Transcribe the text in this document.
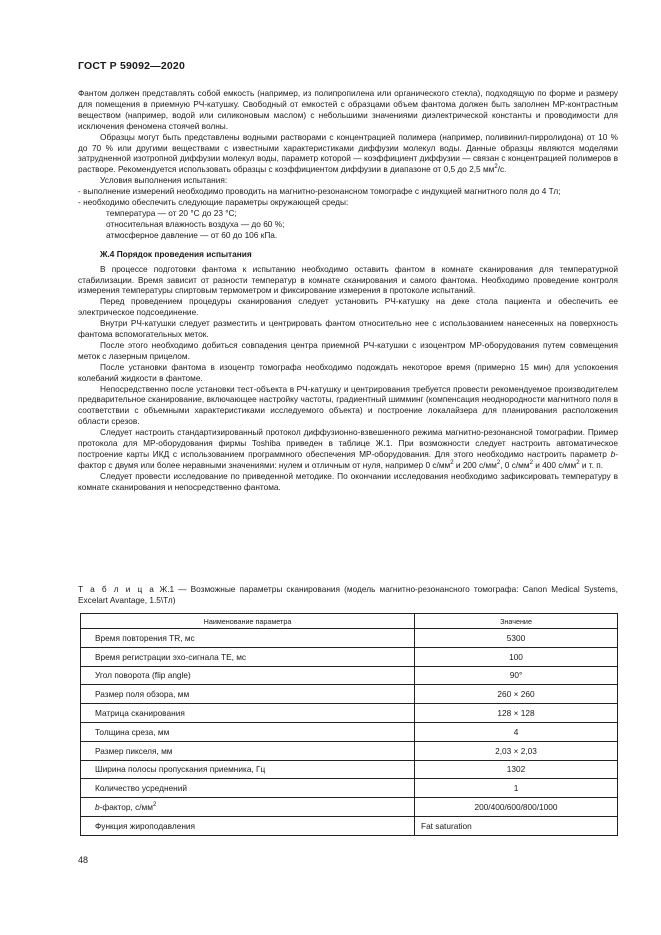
ГОСТ Р 59092—2020

Фантом должен представлять собой емкость (например, из полипропилена или органического стекла), подходящую по форме и размеру для помещения в приемную РЧ-катушку. Свободный от емкостей с образцами объем фантома должен быть заполнен МР-контрастным веществом (например, водой или силиконовым маслом) с небольшими значениями диэлектрической константы и проводимости для исключения феномена стоячей волны.

Образцы могут быть представлены водными растворами с концентрацией полимера (например, поливинил-пирролидона) от 10 % до 70 % или другими веществами с известными характеристиками диффузии молекул воды. Данные образцы являются моделями затрудненной изотропной диффузии молекул воды, параметр которой — коэффициент диффузии — связан с концентрацией полимеров в растворе. Рекомендуется использовать образцы с коэффициентом диффузии в диапазоне от 0,5 до 2,5 $мм^2/с$.

Условия выполнения испытания:

- выполнение измерений необходимо проводить на магнитно-резонансном томографе с индукцией магнитного поля до 4 Тл;

- необходимо обеспечить следующие параметры окружающей среды:

температура — от 20 °С до 23 °С;

относительная влажность воздуха — до 60 %;

атмосферное давление — от 60 до 106 кПа.

Ж.4 Порядок проведения испытания

В процессе подготовки фантома к испытанию необходимо оставить фантом в комнате сканирования для температурной стабилизации. Время зависит от разности температур в комнате сканирования и самого фантома. Необходимо проведение контроля измерения температуры спиртовым термометром и фиксирование измерения в протоколе испытаний.

Перед проведением процедуры сканирования следует установить РЧ-катушку на деке стола пациента и обеспечить ее электрическое подсоединение.

Внутри РЧ-катушки следует разместить и центрировать фантом относительно нее с использованием нанесенных на поверхность фантома вспомогательных меток.

После этого необходимо добиться совпадения центра приемной РЧ-катушки с изоцентром МР-оборудования путем совмещения меток с лазерным прицелом.

После установки фантома в изоцентр томографа необходимо подождать некоторое время (примерно 15 мин) для успокоения колебаний жидкости в фантоме.

Непосредственно после установки тест-объекта в РЧ-катушку и центрирования требуется провести рекомендуемое производителем предварительное сканирование, включающее настройку частоты, градиентный шимминг (компенсация неоднородности магнитного поля в соответствии с объемными характеристиками исследуемого объекта) и построение локалайзера для планирования расположения области срезов.

Следует настроить стандартизированный протокол диффузионно-взвешенного режима магнитно-резонансной томографии. Пример протокола для МР-оборудования фирмы Toshiba приведен в таблице Ж.1. При возможности следует настроить автоматическое построение карты ИКД с использованием программного обеспечения МР-оборудования. Для этого необходимо настроить параметр b-фактор с двумя или более неравными значениями: нулем и отличным от нуля, например 0 $с/мм^2$ и 200 $с/мм^2$, 0 $с/мм^2$ и 400 $с/мм^2$ и т. п.

Следует провести исследование по приведенной методике. По окончании исследования необходимо зафиксировать температуру в комнате сканирования и непосредственно фантома.

Т а б л и ц а Ж.1 — Возможные параметры сканирования (модель магнитно-резонансного томографа: Canon Medical Systems, Excelart Avantage, 1.5\Тл)
Наименование параметра	Значение
Время повторения TR, мс	5300
Время регистрации эхо-сигнала ТЕ, мс	100
Угол поворота (flip angle)	90°
Размер поля обзора, мм	260 × 260
Матрица сканирования	128 × 128
Толщина среза, мм	4
Размер пикселя, мм	2,03 × 2,03
Ширина полосы пропускания приемника, Гц	1302
Количество усреднений	1
b-фактор, $с/мм^2$	200/400/600/800/1000
Функция жироподавления	Fat saturation
48
